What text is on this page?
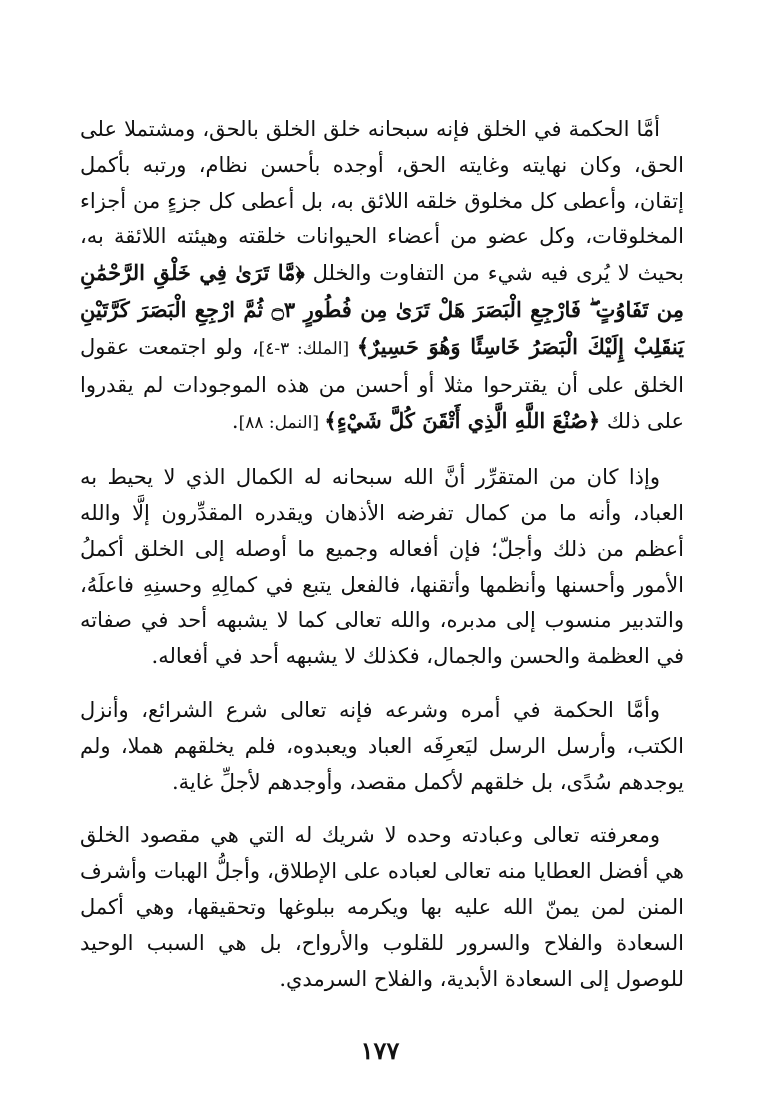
أمَّا الحكمة في الخلق فإنه سبحانه خلق الخلق بالحق، ومشتملا على الحق، وكان نهايته وغايته الحق، أوجده بأحسن نظام، ورتبه بأكمل إتقان، وأعطى كل مخلوق خلقه اللائق به، بل أعطى كل جزءٍ من أجزاء المخلوقات، وكل عضو من أعضاء الحيوانات خلقته وهيئته اللائقة به، بحيث لا يُرى فيه شيء من التفاوت والخلل ﴿مَّا تَرَىٰ فِي خَلْقِ الرَّحْمَٰنِ مِن تَفَاوُتٍ ۖ فَارْجِعِ الْبَصَرَ هَلْ تَرَىٰ مِن فُطُورٍ ۝٣ ثُمَّ ارْجِعِ الْبَصَرَ كَرَّتَيْنِ يَنقَلِبْ إِلَيْكَ الْبَصَرُ خَاسِئًا وَهُوَ حَسِيرٌ﴾ [الملك: ٣-٤]، ولو اجتمعت عقول الخلق على أن يقترحوا مثلا أو أحسن من هذه الموجودات لم يقدروا على ذلك ﴿صُنْعَ اللَّهِ الَّذِي أَتْقَنَ كُلَّ شَيْءٍ﴾ [النمل: ٨٨].

وإذا كان من المتقرِّر أنَّ الله سبحانه له الكمال الذي لا يحيط به العباد، وأنه ما من كمال تفرضه الأذهان ويقدره المقدِّرون إلَّا والله أعظم من ذلك وأجلّ؛ فإن أفعاله وجميع ما أوصله إلى الخلق أكملُ الأمور وأحسنها وأنظمها وأتقنها، فالفعل يتبع في كمالِهِ وحسنِهِ فاعلَهُ، والتدبير منسوب إلى مدبره، والله تعالى كما لا يشبهه أحد في صفاته في العظمة والحسن والجمال، فكذلك لا يشبهه أحد في أفعاله.

وأمَّا الحكمة في أمره وشرعه فإنه تعالى شرع الشرائع، وأنزل الكتب، وأرسل الرسل ليَعرِفَه العباد ويعبدوه، فلم يخلقهم هملا، ولم يوجدهم سُدًى، بل خلقهم لأكمل مقصد، وأوجدهم لأجلِّ غاية.

ومعرفته تعالى وعبادته وحده لا شريك له التي هي مقصود الخلق هي أفضل العطايا منه تعالى لعباده على الإطلاق، وأجلُّ الهبات وأشرف المنن لمن يمنّ الله عليه بها ويكرمه ببلوغها وتحقيقها، وهي أكمل السعادة والفلاح والسرور للقلوب والأرواح، بل هي السبب الوحيد للوصول إلى السعادة الأبدية، والفلاح السرمدي.

١٧٧
